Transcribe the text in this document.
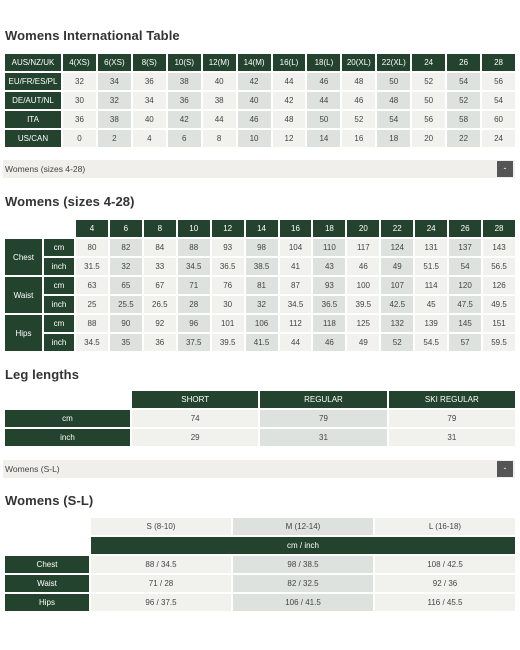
Womens International Table
AUS/NZ/UK	4(XS)	6(XS)	8(S)	10(S)	12(M)	14(M)	16(L)	18(L)	20(XL)	22(XL)	24	26	28
EU/FR/ES/PL	32	34	36	38	40	42	44	46	48	50	52	54	56
DE/AUT/NL	30	32	34	36	38	40	42	44	46	48	50	52	54
ITA	36	38	40	42	44	46	48	50	52	54	56	58	60
US/CAN	0	2	4	6	8	10	12	14	16	18	20	22	24
Womens (sizes 4-28)	-
Womens (sizes 4-28)
		4	6	8	10	12	14	16	18	20	22	24	26	28
Chest	cm	80	82	84	88	93	98	104	110	117	124	131	137	143
	inch	31.5	32	33	34.5	36.5	38.5	41	43	46	49	51.5	54	56.5
Waist	cm	63	65	67	71	76	81	87	93	100	107	114	120	126
	inch	25	25.5	26.5	28	30	32	34.5	36.5	39.5	42.5	45	47.5	49.5
Hips	cm	88	90	92	96	101	106	112	118	125	132	139	145	151
	inch	34.5	35	36	37.5	39.5	41.5	44	46	49	52	54.5	57	59.5
Leg lengths
	SHORT	REGULAR	SKI REGULAR
cm	74	79	79
inch	29	31	31
Womens (S-L)	-
Womens (S-L)
	S (8-10)	M (12-14)	L (16-18)
	cm / inch		
Chest	88 / 34.5	98 / 38.5	108 / 42.5
Waist	71 / 28	82 / 32.5	92 / 36
Hips	96 / 37.5	106 / 41.5	116 / 45.5
